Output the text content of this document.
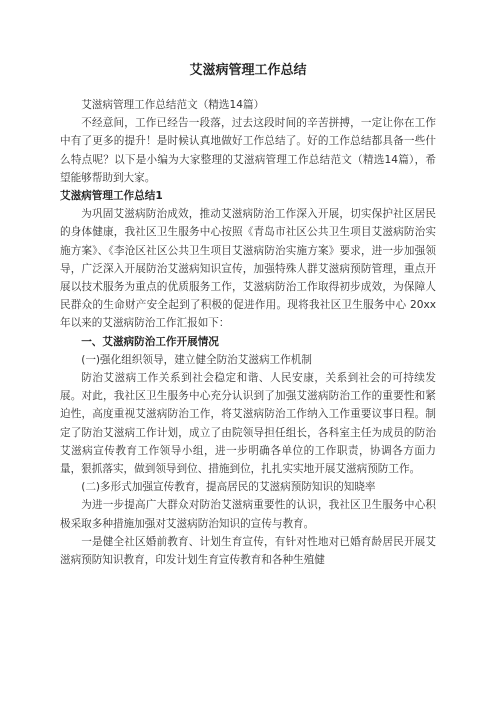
艾滋病管理工作总结

艾滋病管理工作总结范文（精选14篇）

不经意间，工作已经告一段落，过去这段时间的辛苦拼搏，一定让你在工作中有了更多的提升！是时候认真地做好工作总结了。好的工作总结都具备一些什么特点呢？以下是小编为大家整理的艾滋病管理工作总结范文（精选14篇），希望能够帮助到大家。

艾滋病管理工作总结1

为巩固艾滋病防治成效，推动艾滋病防治工作深入开展，切实保护社区居民的身体健康，我社区卫生服务中心按照《青岛市社区公共卫生项目艾滋病防治实施方案》、《李沧区社区公共卫生项目艾滋病防治实施方案》要求，进一步加强领导，广泛深入开展防治艾滋病知识宣传，加强特殊人群艾滋病预防管理，重点开展以技术服务为重点的优质服务工作，艾滋病防治工作取得初步成效，为保障人民群众的生命财产安全起到了积极的促进作用。现将我社区卫生服务中心 20xx 年以来的艾滋病防治工作汇报如下：

一、艾滋病防治工作开展情况

(一)强化组织领导，建立健全防治艾滋病工作机制

防治艾滋病工作关系到社会稳定和谐、人民安康，关系到社会的可持续发展。对此，我社区卫生服务中心充分认识到了加强艾滋病防治工作的重要性和紧迫性，高度重视艾滋病防治工作，将艾滋病防治工作纳入工作重要议事日程。制定了防治艾滋病工作计划，成立了由院领导担任组长，各科室主任为成员的防治艾滋病宣传教育工作领导小组，进一步明确各单位的工作职责，协调各方面力量，狠抓落实，做到领导到位、措施到位，扎扎实实地开展艾滋病预防工作。

(二)多形式加强宣传教育，提高居民的艾滋病预防知识的知晓率

为进一步提高广大群众对防治艾滋病重要性的认识，我社区卫生服务中心积极采取多种措施加强对艾滋病防治知识的宣传与教育。

一是健全社区婚前教育、计划生育宣传，有针对性地对已婚育龄居民开展艾滋病预防知识教育，印发计划生育宣传教育和各种生殖健
